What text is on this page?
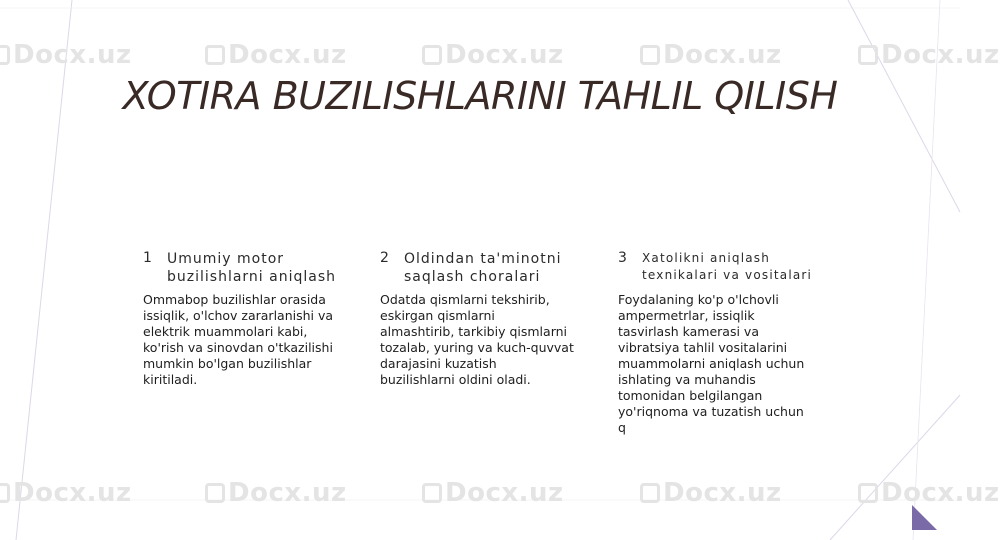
Docx.uz	Docx.uz	Docx.uz	Docx.uz	Docx.uz
Docx.uz	Docx.uz	Docx.uz	Docx.uz	Docx.uz
XOTIRA BUZILISHLARINI TAHLIL QILISH
1 Umumiy motor
buzilishlarni aniqlash
Ommabop buzilishlar orasida
issiqlik, o'lchov zararlanishi va
elektrik muammolari kabi,
ko'rish va sinovdan o'tkazilishi
mumkin bo'lgan buzilishlar
kiritiladi.
2 Oldindan ta'minotni
saqlash choralari
Odatda qismlarni tekshirib,
eskirgan qismlarni
almashtirib, tarkibiy qismlarni
tozalab, yuring va kuch-quvvat
darajasini kuzatish
buzilishlarni oldini oladi.
3 Xatolikni aniqlash
texnikalari va vositalari
Foydalaning ko'p o'lchovli
ampermetrlar, issiqlik
tasvirlash kamerasi va
vibratsiya tahlil vositalarini
muammolarni aniqlash uchun
ishlating va muhandis
tomonidan belgilangan
yo'riqnoma va tuzatish uchun
q
